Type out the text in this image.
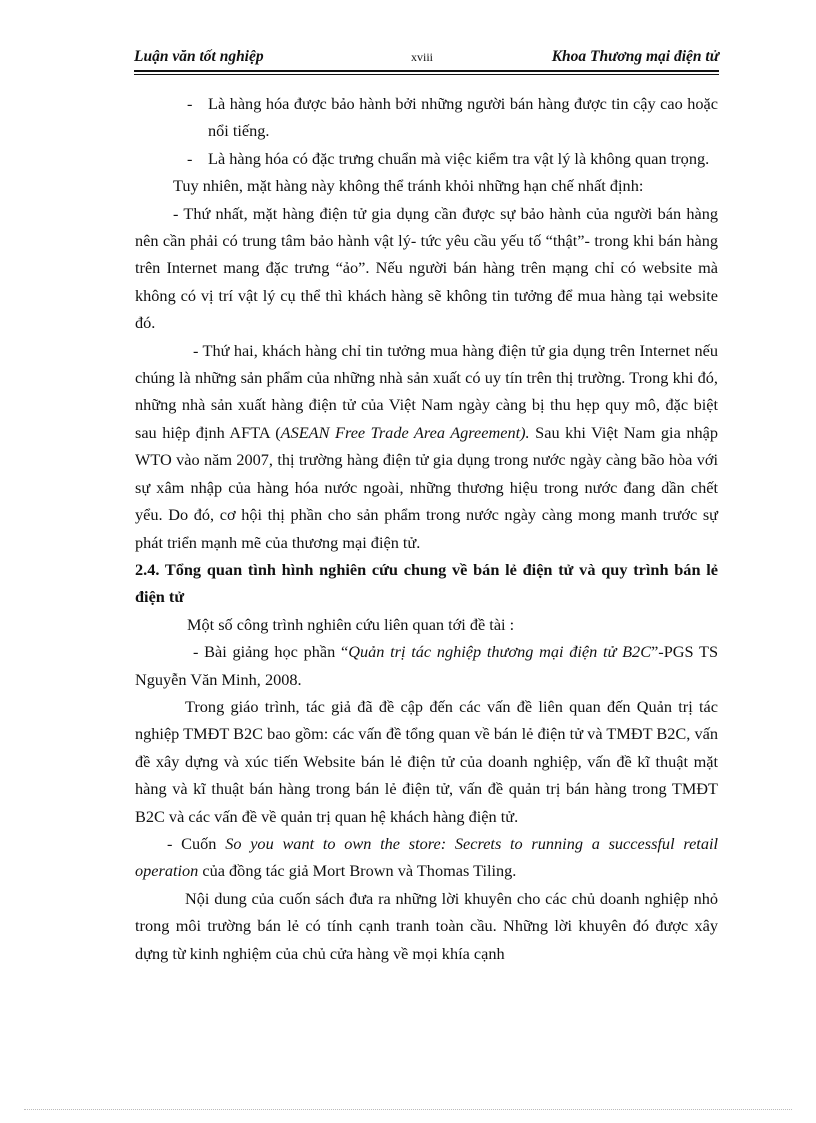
Luận văn tốt nghiệp	xviii	Khoa Thương mại điện tử

- Là hàng hóa được bảo hành bởi những người bán hàng được tin cậy cao hoặc nổi tiếng.

- Là hàng hóa có đặc trưng chuẩn mà việc kiểm tra vật lý là không quan trọng.

Tuy nhiên, mặt hàng này không thể tránh khỏi những hạn chế nhất định:

- Thứ nhất, mặt hàng điện tử gia dụng cần được sự bảo hành của người bán hàng nên cần phải có trung tâm bảo hành vật lý- tức yêu cầu yếu tố “thật”- trong khi bán hàng trên Internet mang đặc trưng “ảo”. Nếu người bán hàng trên mạng chỉ có website mà không có vị trí vật lý cụ thể thì khách hàng sẽ không tin tưởng để mua hàng tại website đó.

- Thứ hai, khách hàng chỉ tin tưởng mua hàng điện tử gia dụng trên Internet nếu chúng là những sản phẩm của những nhà sản xuất có uy tín trên thị trường. Trong khi đó, những nhà sản xuất hàng điện tử của Việt Nam ngày càng bị thu hẹp quy mô, đặc biệt sau hiệp định AFTA (ASEAN Free Trade Area Agreement). Sau khi Việt Nam gia nhập WTO vào năm 2007, thị trường hàng điện tử gia dụng trong nước ngày càng bão hòa với sự xâm nhập của hàng hóa nước ngoài, những thương hiệu trong nước đang dần chết yểu. Do đó, cơ hội thị phần cho sản phẩm trong nước ngày càng mong manh trước sự phát triển mạnh mẽ của thương mại điện tử.

2.4. Tổng quan tình hình nghiên cứu chung về bán lẻ điện tử và quy trình bán lẻ điện tử

Một số công trình nghiên cứu liên quan tới đề tài :

- Bài giảng học phần “Quản trị tác nghiệp thương mại điện tử B2C”-PGS TS Nguyễn Văn Minh, 2008.

Trong giáo trình, tác giả đã đề cập đến các vấn đề liên quan đến Quản trị tác nghiệp TMĐT B2C bao gồm: các vấn đề tổng quan về bán lẻ điện tử và TMĐT B2C, vấn đề xây dựng và xúc tiến Website bán lẻ điện tử của doanh nghiệp, vấn đề kĩ thuật mặt hàng và kĩ thuật bán hàng trong bán lẻ điện tử, vấn đề quản trị bán hàng trong TMĐT B2C và các vấn đề về quản trị quan hệ khách hàng điện tử.

- Cuốn So you want to own the store: Secrets to running a successful retail operation của đồng tác giả Mort Brown và Thomas Tiling.

Nội dung của cuốn sách đưa ra những lời khuyên cho các chủ doanh nghiệp nhỏ trong môi trường bán lẻ có tính cạnh tranh toàn cầu. Những lời khuyên đó được xây dựng từ kinh nghiệm của chủ cửa hàng về mọi khía cạnh
